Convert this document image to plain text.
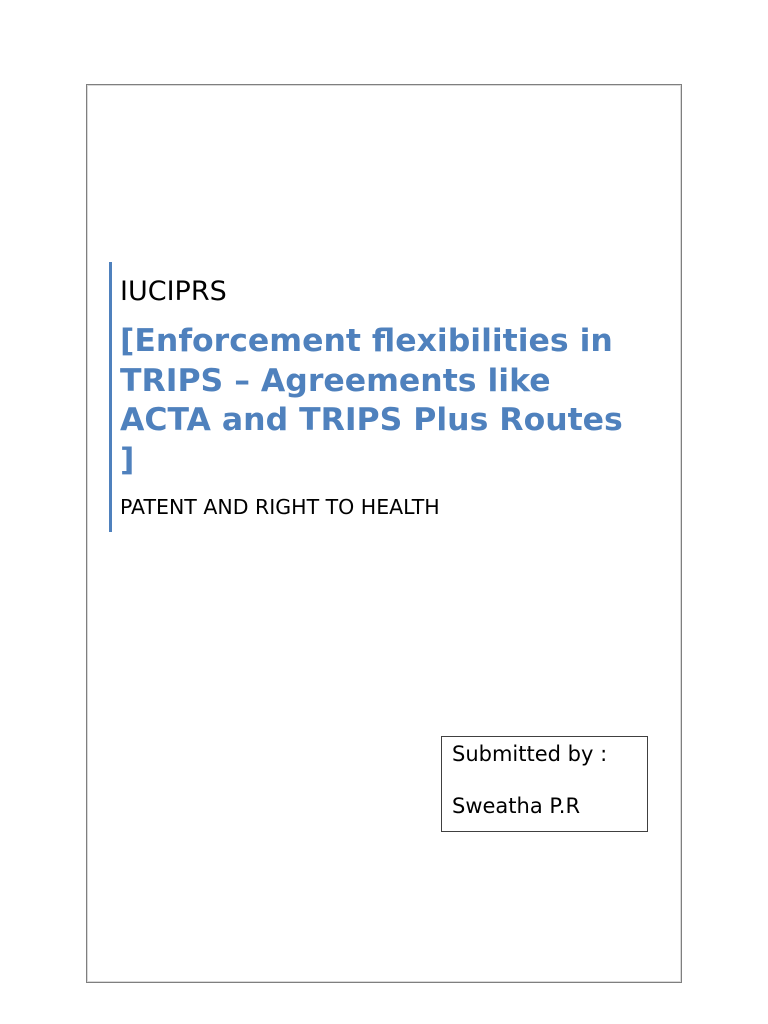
IUCIPRS
[Enforcement flexibilities in TRIPS – Agreements like ACTA and TRIPS Plus Routes ]
PATENT AND RIGHT TO HEALTH
Submitted by :
Sweatha P.R
